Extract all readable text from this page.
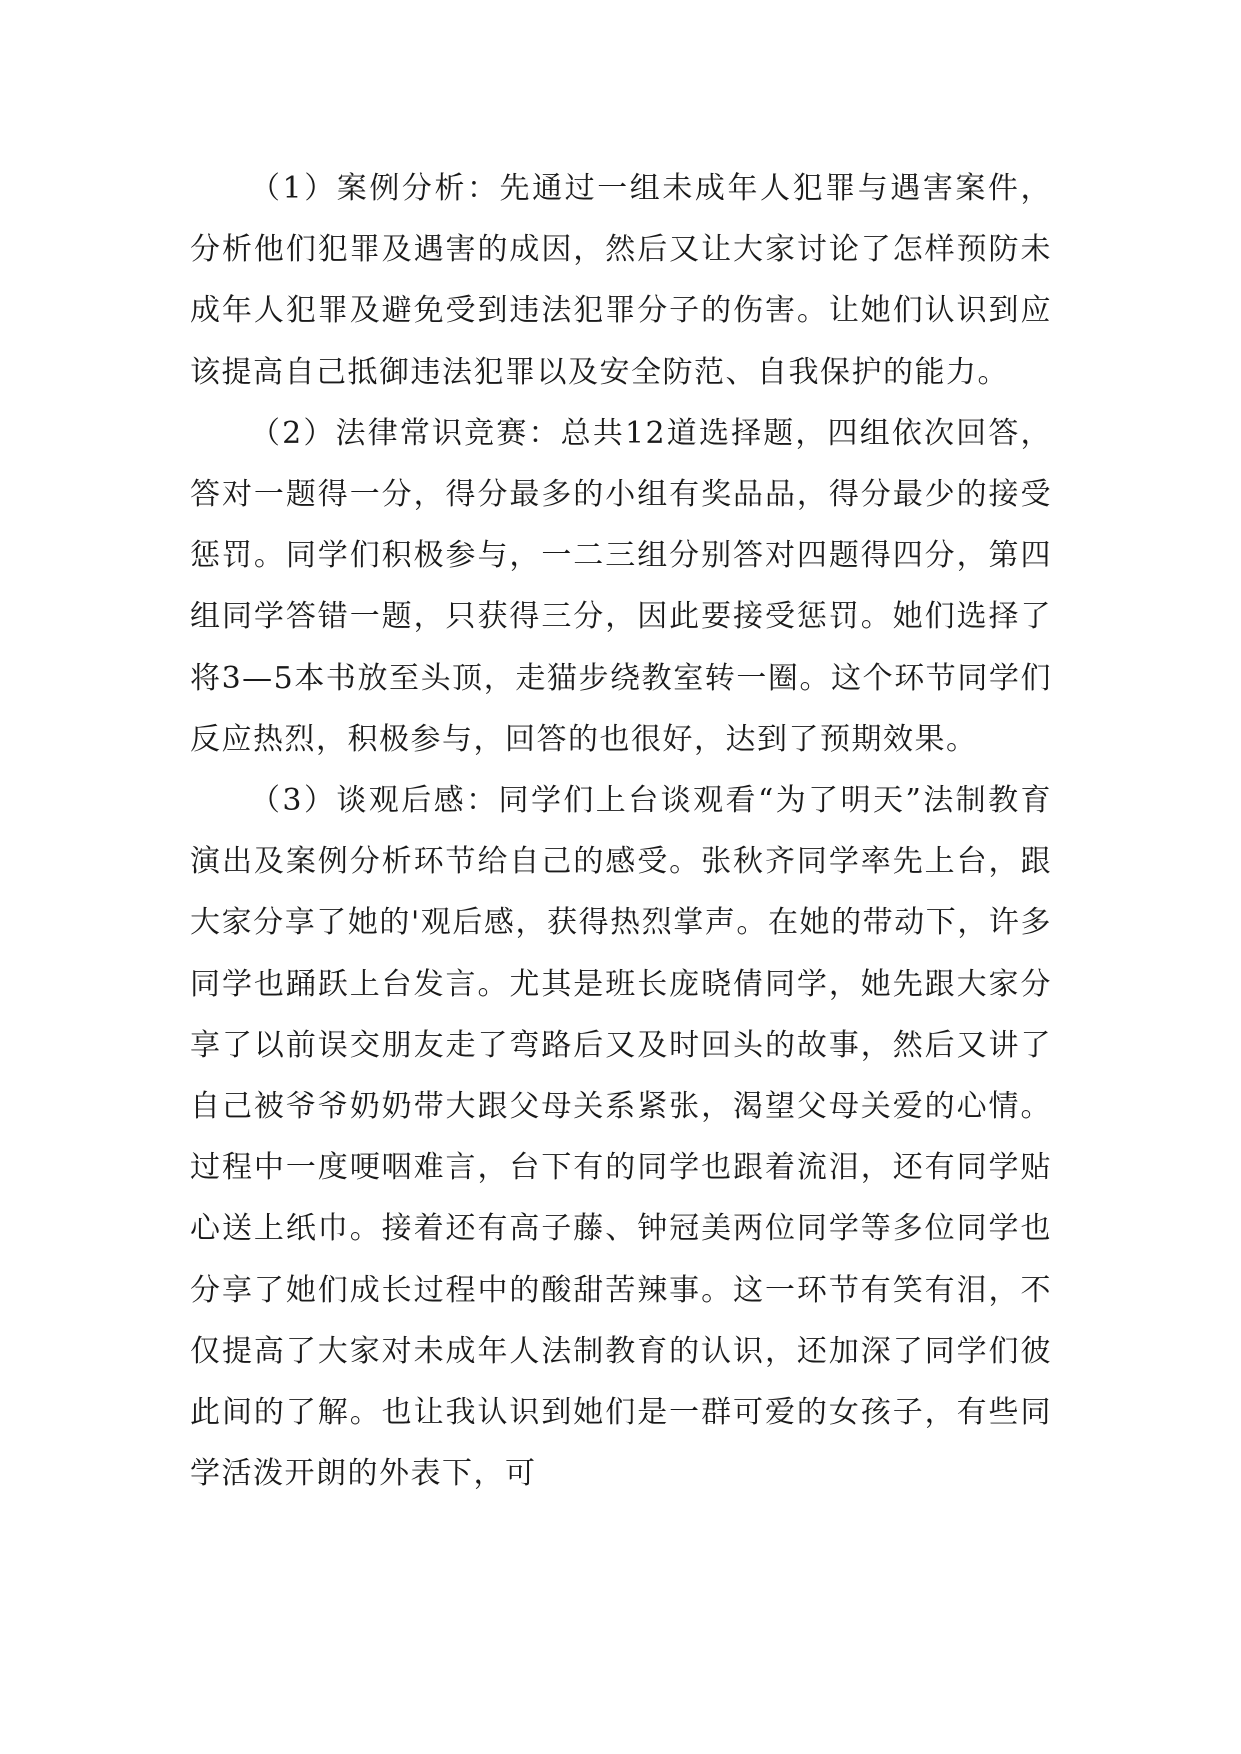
（1）案例分析：先通过一组未成年人犯罪与遇害案件，分析他们犯罪及遇害的成因，然后又让大家讨论了怎样预防未成年人犯罪及避免受到违法犯罪分子的伤害。让她们认识到应该提高自己抵御违法犯罪以及安全防范、自我保护的能力。

（2）法律常识竞赛：总共12道选择题，四组依次回答，答对一题得一分，得分最多的小组有奖品品，得分最少的接受惩罚。同学们积极参与，一二三组分别答对四题得四分，第四组同学答错一题，只获得三分，因此要接受惩罚。她们选择了将3—5本书放至头顶，走猫步绕教室转一圈。这个环节同学们反应热烈，积极参与，回答的也很好，达到了预期效果。

（3）谈观后感：同学们上台谈观看“为了明天”法制教育演出及案例分析环节给自己的感受。张秋齐同学率先上台，跟大家分享了她的'观后感，获得热烈掌声。在她的带动下，许多同学也踊跃上台发言。尤其是班长庞晓倩同学，她先跟大家分享了以前误交朋友走了弯路后又及时回头的故事，然后又讲了自己被爷爷奶奶带大跟父母关系紧张，渴望父母关爱的心情。过程中一度哽咽难言，台下有的同学也跟着流泪，还有同学贴心送上纸巾。接着还有高子藤、钟冠美两位同学等多位同学也分享了她们成长过程中的酸甜苦辣事。这一环节有笑有泪，不仅提高了大家对未成年人法制教育的认识，还加深了同学们彼此间的了解。也让我认识到她们是一群可爱的女孩子，有些同学活泼开朗的外表下，可
